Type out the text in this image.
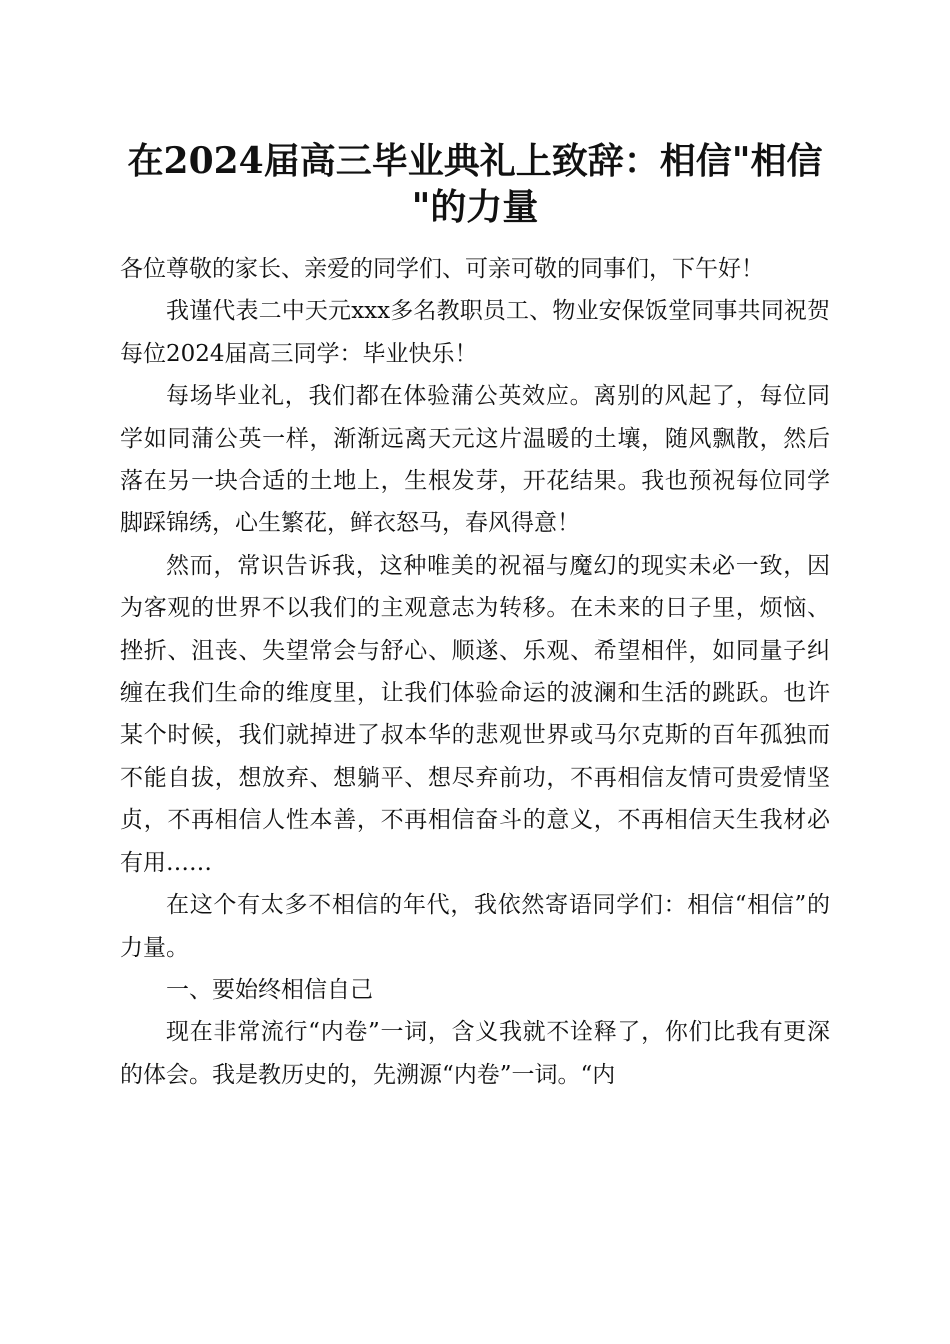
在2024届高三毕业典礼上致辞：相信"相信
"的力量

各位尊敬的家长、亲爱的同学们、可亲可敬的同事们，下午好！

我谨代表二中天元xxx多名教职员工、物业安保饭堂同事共同祝贺每位2024届高三同学：毕业快乐！

每场毕业礼，我们都在体验蒲公英效应。离别的风起了，每位同学如同蒲公英一样，渐渐远离天元这片温暖的土壤，随风飘散，然后落在另一块合适的土地上，生根发芽，开花结果。我也预祝每位同学脚踩锦绣，心生繁花，鲜衣怒马，春风得意！

然而，常识告诉我，这种唯美的祝福与魔幻的现实未必一致，因为客观的世界不以我们的主观意志为转移。在未来的日子里，烦恼、挫折、沮丧、失望常会与舒心、顺遂、乐观、希望相伴，如同量子纠缠在我们生命的维度里，让我们体验命运的波澜和生活的跳跃。也许某个时候，我们就掉进了叔本华的悲观世界或马尔克斯的百年孤独而不能自拔，想放弃、想躺平、想尽弃前功，不再相信友情可贵爱情坚贞，不再相信人性本善，不再相信奋斗的意义，不再相信天生我材必有用……

在这个有太多不相信的年代，我依然寄语同学们：相信“相信”的力量。

一、要始终相信自己

现在非常流行“内卷”一词，含义我就不诠释了，你们比我有更深的体会。我是教历史的，先溯源“内卷”一词。“内
